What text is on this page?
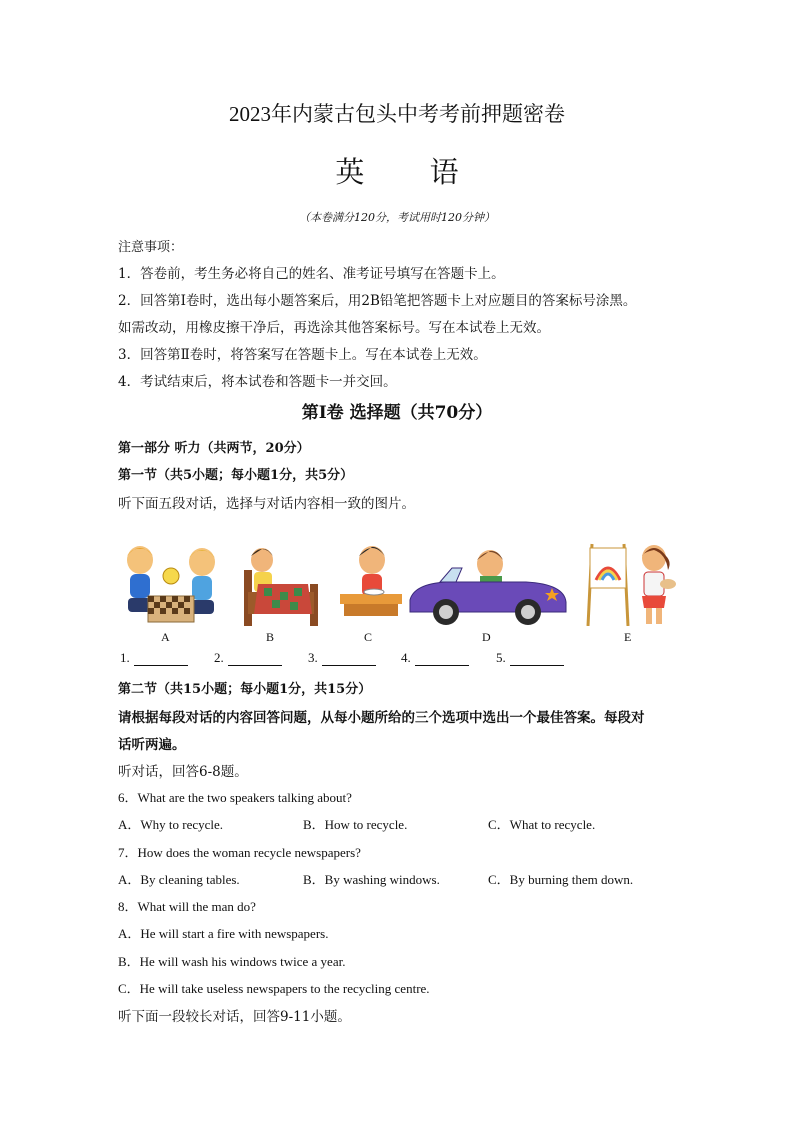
2023年内蒙古包头中考考前押题密卷
英 语
（本卷满分120分，考试用时120分钟）
注意事项：
1．答卷前，考生务必将自己的姓名、准考证号填写在答题卡上。
2．回答第Ⅰ卷时，选出每小题答案后，用2B铅笔把答题卡上对应题目的答案标号涂黑。
如需改动，用橡皮擦干净后，再选涂其他答案标号。写在本试卷上无效。
3．回答第Ⅱ卷时，将答案写在答题卡上。写在本试卷上无效。
4．考试结束后，将本试卷和答题卡一并交回。
第Ⅰ卷 选择题（共70分）
第一部分 听力（共两节，20分）
第一节（共5小题；每小题1分，共5分）
听下面五段对话，选择与对话内容相一致的图片。
A	B	C	D	E
1.	2.	3.	4.	5.
第二节（共15小题；每小题1分，共15分）
请根据每段对话的内容回答问题，从每小题所给的三个选项中选出一个最佳答案。每段对
话听两遍。
听对话，回答6-8题。
6．What are the two speakers talking about?
A．Why to recycle.	B．How to recycle.	C．What to recycle.
7．How does the woman recycle newspapers?
A．By cleaning tables.	B．By washing windows.	C．By burning them down.
8．What will the man do?
A．He will start a fire with newspapers.
B．He will wash his windows twice a year.
C．He will take useless newspapers to the recycling centre.
听下面一段较长对话，回答9-11小题。
